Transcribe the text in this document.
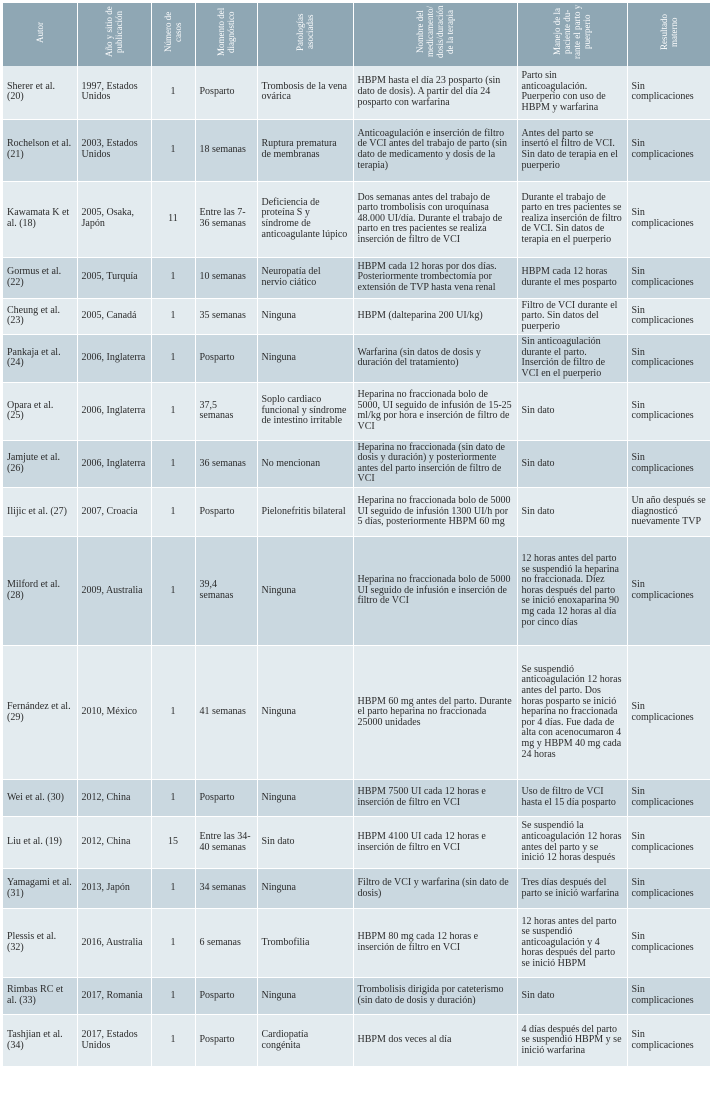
Autor	Año y sitio de publicación	Número de casos	Momento del diagnóstico	Patologías asociadas	Nombre del medicamento/ dosis/duración de la terapia	Manejo de la paciente du- rante el parto y puerperio	Resultado materno
Sherer et al. (20)	1997, Estados Unidos	1	Posparto	Trombosis de la vena ovárica	HBPM hasta el día 23 posparto (sin dato de dosis). A partir del día 24 posparto con warfarina	Parto sin anticoagulación. Puerperio con uso de HBPM y warfarina	Sin complicaciones
Rochelson et al. (21)	2003, Estados Unidos	1	18 semanas	Ruptura prematura de membranas	Anticoagulación e inserción de filtro de VCI antes del trabajo de parto (sin dato de medicamento y dosis de la terapia)	Antes del parto se insertó el filtro de VCI. Sin dato de terapia en el puerperio	Sin complicaciones
Kawamata K et al. (18)	2005, Osaka, Japón	11	Entre las 7-36 semanas	Deficiencia de proteína S y síndrome de anticoagulante lúpico	Dos semanas antes del trabajo de parto trombolisis con uroquinasa 48.000 UI/día. Durante el trabajo de parto en tres pacientes se realiza inserción de filtro de VCI	Durante el trabajo de parto en tres pacientes se realiza inserción de filtro de VCI. Sin datos de terapia en el puerperio	Sin complicaciones
Gormus et al. (22)	2005, Turquía	1	10 semanas	Neuropatía del nervio ciático	HBPM cada 12 horas por dos días. Posteriormente trombectomía por extensión de TVP hasta vena renal	HBPM cada 12 horas durante el mes posparto	Sin complicaciones
Cheung et al. (23)	2005, Canadá	1	35 semanas	Ninguna	HBPM (dalteparina 200 UI/kg)	Filtro de VCI durante el parto. Sin datos del puerperio	Sin complicaciones
Pankaja et al. (24)	2006, Inglaterra	1	Posparto	Ninguna	Warfarina (sin datos de dosis y duración del tratamiento)	Sin anticoagulación durante el parto. Inserción de filtro de VCI en el puerperio	Sin complicaciones
Opara et al. (25)	2006, Inglaterra	1	37,5 semanas	Soplo cardiaco funcional y síndrome de intestino irritable	Heparina no fraccionada bolo de 5000, UI seguido de infusión de 15-25 ml/kg por hora e inserción de filtro de VCI	Sin dato	Sin complicaciones
Jamjute et al. (26)	2006, Inglaterra	1	36 semanas	No mencionan	Heparina no fraccionada (sin dato de dosis y duración) y posteriormente antes del parto inserción de filtro de VCI	Sin dato	Sin complicaciones
Ilijic et al. (27)	2007, Croacia	1	Posparto	Pielonefritis bilateral	Heparina no fraccionada bolo de 5000 UI seguido de infusión 1300 UI/h por 5 días, posteriormente HBPM 60 mg	Sin dato	Un año después se diagnosticó nuevamente TVP
Milford et al. (28)	2009, Australia	1	39,4 semanas	Ninguna	Heparina no fraccionada bolo de 5000 UI seguido de infusión e inserción de filtro de VCI	12 horas antes del parto se suspendió la heparina no fraccionada. Diez horas después del parto se inició enoxaparina 90 mg cada 12 horas al día por cinco días	Sin complicaciones
Fernández et al. (29)	2010, México	1	41 semanas	Ninguna	HBPM 60 mg antes del parto. Durante el parto heparina no fraccionada 25000 unidades	Se suspendió anticoagulación 12 horas antes del parto. Dos horas posparto se inició heparina no fraccionada por 4 días. Fue dada de alta con acenocumaron 4 mg y HBPM 40 mg cada 24 horas	Sin complicaciones
Wei et al. (30)	2012, China	1	Posparto	Ninguna	HBPM 7500 UI cada 12 horas e inserción de filtro en VCI	Uso de filtro de VCI hasta el 15 día posparto	Sin complicaciones
Liu et al. (19)	2012, China	15	Entre las 34-40 semanas	Sin dato	HBPM 4100 UI cada 12 horas e inserción de filtro en VCI	Se suspendió la anticoagulación 12 horas antes del parto y se inició 12 horas después	Sin complicaciones
Yamagami et al. (31)	2013, Japón	1	34 semanas	Ninguna	Filtro de VCI y warfarina (sin dato de dosis)	Tres días después del parto se inició warfarina	Sin complicaciones
Plessis et al. (32)	2016, Australia	1	6 semanas	Trombofilia	HBPM 80 mg cada 12 horas e inserción de filtro en VCI	12 horas antes del parto se suspendió anticoagulación y 4 horas después del parto se inició HBPM	Sin complicaciones
Rimbas RC et al. (33)	2017, Romania	1	Posparto	Ninguna	Trombolisis dirigida por cateterismo (sin dato de dosis y duración)	Sin dato	Sin complicaciones
Tashjian et al. (34)	2017, Estados Unidos	1	Posparto	Cardiopatía congénita	HBPM dos veces al día	4 días después del parto se suspendió HBPM y se inició warfarina	Sin complicaciones
